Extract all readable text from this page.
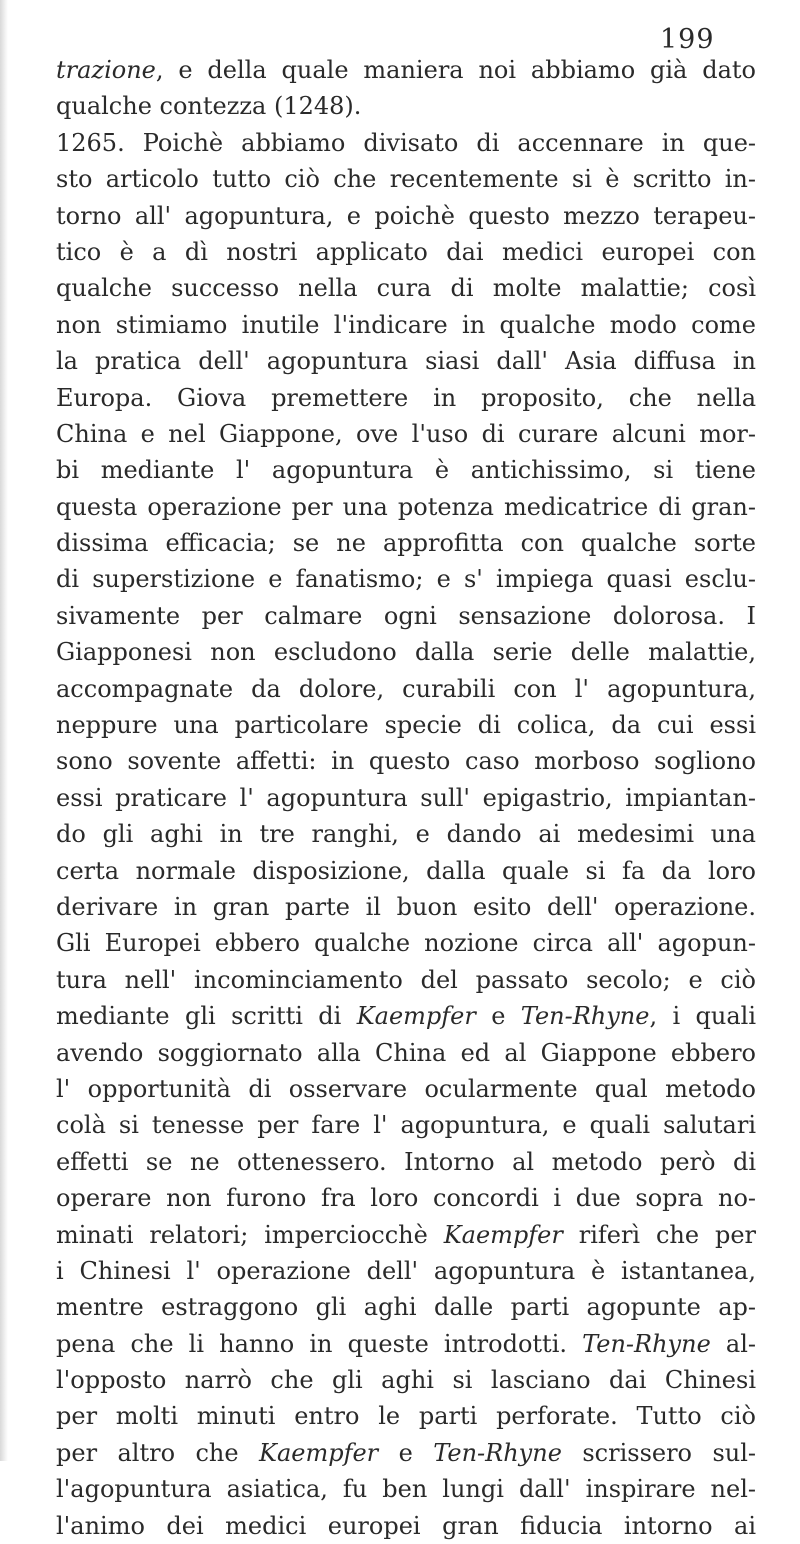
199
trazione, e della quale maniera noi abbiamo già dato
qualche contezza (1248).
1265. Poichè abbiamo divisato di accennare in que-
sto articolo tutto ciò che recentemente si è scritto in-
torno all' agopuntura, e poichè questo mezzo terapeu-
tico è a dì nostri applicato dai medici europei con
qualche successo nella cura di molte malattie; così
non stimiamo inutile l'indicare in qualche modo come
la pratica dell' agopuntura siasi dall' Asia diffusa in
Europa. Giova premettere in proposito, che nella
China e nel Giappone, ove l'uso di curare alcuni mor-
bi mediante l' agopuntura è antichissimo, si tiene
questa operazione per una potenza medicatrice di gran-
dissima efficacia; se ne approfitta con qualche sorte
di superstizione e fanatismo; e s' impiega quasi esclu-
sivamente per calmare ogni sensazione dolorosa. I
Giapponesi non escludono dalla serie delle malattie,
accompagnate da dolore, curabili con l' agopuntura,
neppure una particolare specie di colica, da cui essi
sono sovente affetti: in questo caso morboso sogliono
essi praticare l' agopuntura sull' epigastrio, impiantan-
do gli aghi in tre ranghi, e dando ai medesimi una
certa normale disposizione, dalla quale si fa da loro
derivare in gran parte il buon esito dell' operazione.
Gli Europei ebbero qualche nozione circa all' agopun-
tura nell' incominciamento del passato secolo; e ciò
mediante gli scritti di Kaempfer e Ten-Rhyne, i quali
avendo soggiornato alla China ed al Giappone ebbero
l' opportunità di osservare ocularmente qual metodo
colà si tenesse per fare l' agopuntura, e quali salutari
effetti se ne ottenessero. Intorno al metodo però di
operare non furono fra loro concordi i due sopra no-
minati relatori; imperciocchè Kaempfer riferì che per
i Chinesi l' operazione dell' agopuntura è istantanea,
mentre estraggono gli aghi dalle parti agopunte ap-
pena che li hanno in queste introdotti. Ten-Rhyne al-
l'opposto narrò che gli aghi si lasciano dai Chinesi
per molti minuti entro le parti perforate. Tutto ciò
per altro che Kaempfer e Ten-Rhyne scrissero sul-
l'agopuntura asiatica, fu ben lungi dall' inspirare nel-
l'animo dei medici europei gran fiducia intorno ai
